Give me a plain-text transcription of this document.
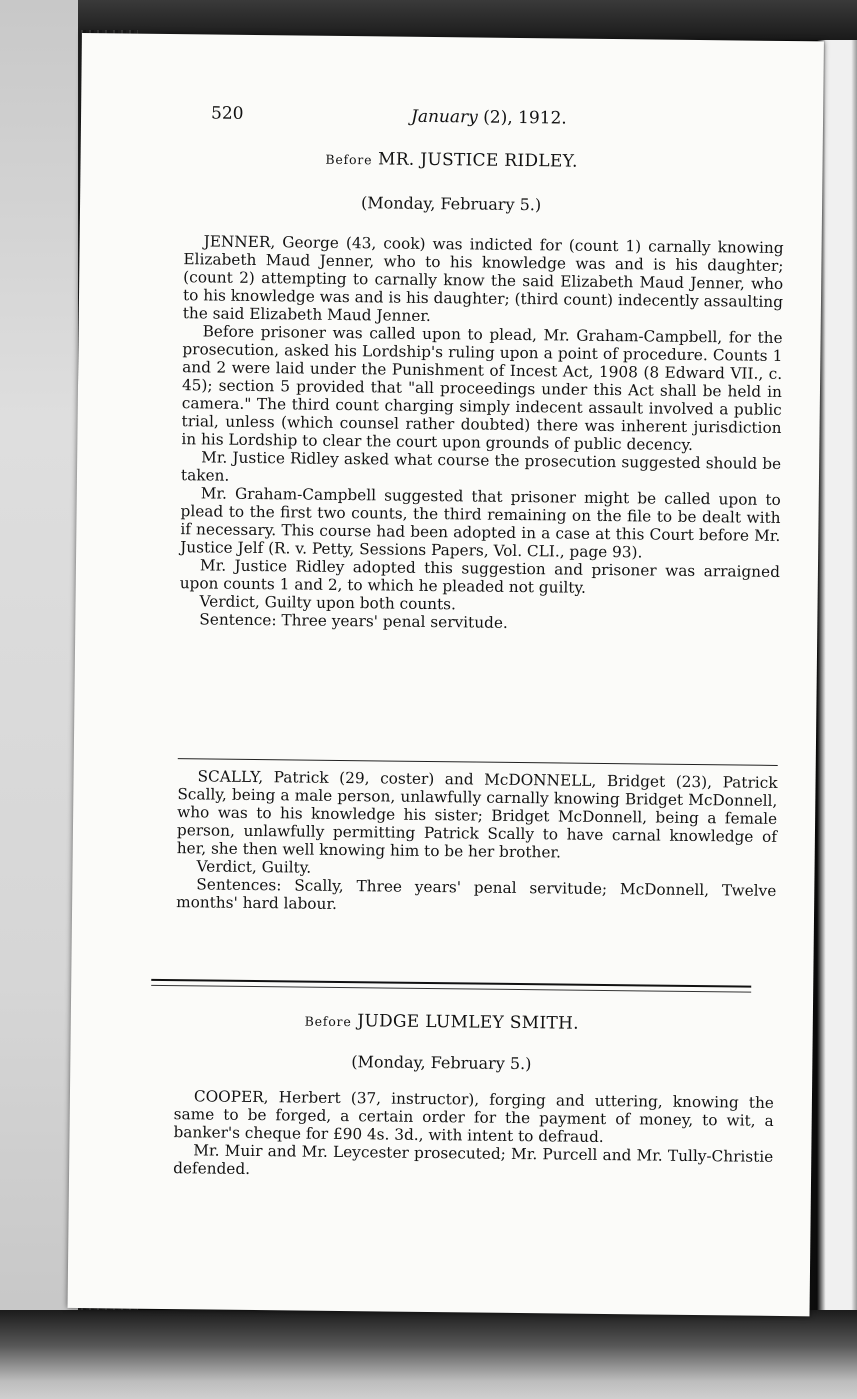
520	January (2), 1912.
Before MR. JUSTICE RIDLEY.
(Monday, February 5.)

JENNER, George (43, cook) was indicted for (count 1) carnally knowing Elizabeth Maud Jenner, who to his knowledge was and is his daughter; (count 2) attempting to carnally know the said Elizabeth Maud Jenner, who to his knowledge was and is his daughter; (third count) indecently assaulting the said Elizabeth Maud Jenner.

Before prisoner was called upon to plead, Mr. Graham-Campbell, for the prosecution, asked his Lordship's ruling upon a point of procedure. Counts 1 and 2 were laid under the Punishment of Incest Act, 1908 (8 Edward VII., c. 45); section 5 provided that "all proceedings under this Act shall be held in camera." The third count charging simply indecent assault involved a public trial, unless (which counsel rather doubted) there was inherent jurisdiction in his Lordship to clear the court upon grounds of public decency.

Mr. Justice Ridley asked what course the prosecution suggested should be taken.

Mr. Graham-Campbell suggested that prisoner might be called upon to plead to the first two counts, the third remaining on the file to be dealt with if necessary. This course had been adopted in a case at this Court before Mr. Justice Jelf (R. v. Petty, Sessions Papers, Vol. CLI., page 93).

Mr. Justice Ridley adopted this suggestion and prisoner was arraigned upon counts 1 and 2, to which he pleaded not guilty.

Verdict, Guilty upon both counts.

Sentence: Three years' penal servitude.

SCALLY, Patrick (29, coster) and McDONNELL, Bridget (23), Patrick Scally, being a male person, unlawfully carnally knowing Bridget McDonnell, who was to his knowledge his sister; Bridget McDonnell, being a female person, unlawfully permitting Patrick Scally to have carnal knowledge of her, she then well knowing him to be her brother.

Verdict, Guilty.

Sentences: Scally, Three years' penal servitude; McDonnell, Twelve months' hard labour.

Before JUDGE LUMLEY SMITH.
(Monday, February 5.)

COOPER, Herbert (37, instructor), forging and uttering, knowing the same to be forged, a certain order for the payment of money, to wit, a banker's cheque for £90 4s. 3d., with intent to defraud.

Mr. Muir and Mr. Leycester prosecuted; Mr. Purcell and Mr. Tully-Christie defended.
